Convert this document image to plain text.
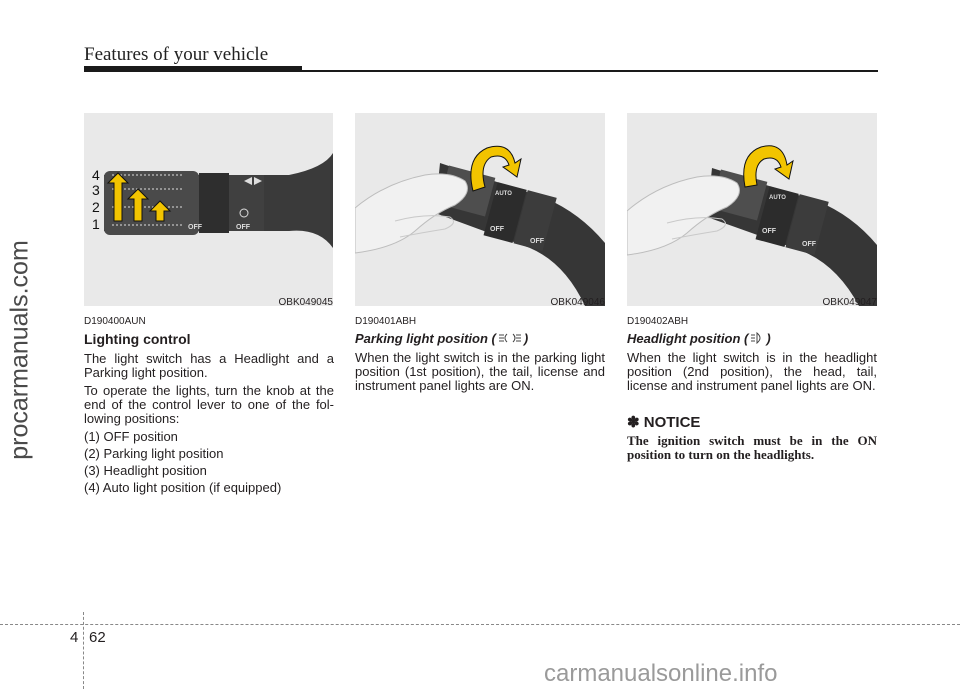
Features of your vehicle
procarmanuals.com
OFF	OFF
4
3
2
1
OBK049045
AUTO
OFF
OFF
OBK049046
AUTO
OFF
OFF
OBK049047
D190400AUN
Lighting control

The light switch has a Headlight and a Parking light position.

To operate the lights, turn the knob at the end of the control lever to one of the fol-lowing positions:

(1) OFF position
(2) Parking light position
(3) Headlight position
(4) Auto light position (if equipped)
D190401ABH
Parking light position ( )

When the light switch is in the parking light position (1st position), the tail, license and instrument panel lights are ON.

D190402ABH
Headlight position ( )

When the light switch is in the headlight position (2nd position), the head, tail, license and instrument panel lights are ON.

✽ NOTICE
The ignition switch must be in the ON position to turn on the headlights.
4 62
carmanualsonline.info
